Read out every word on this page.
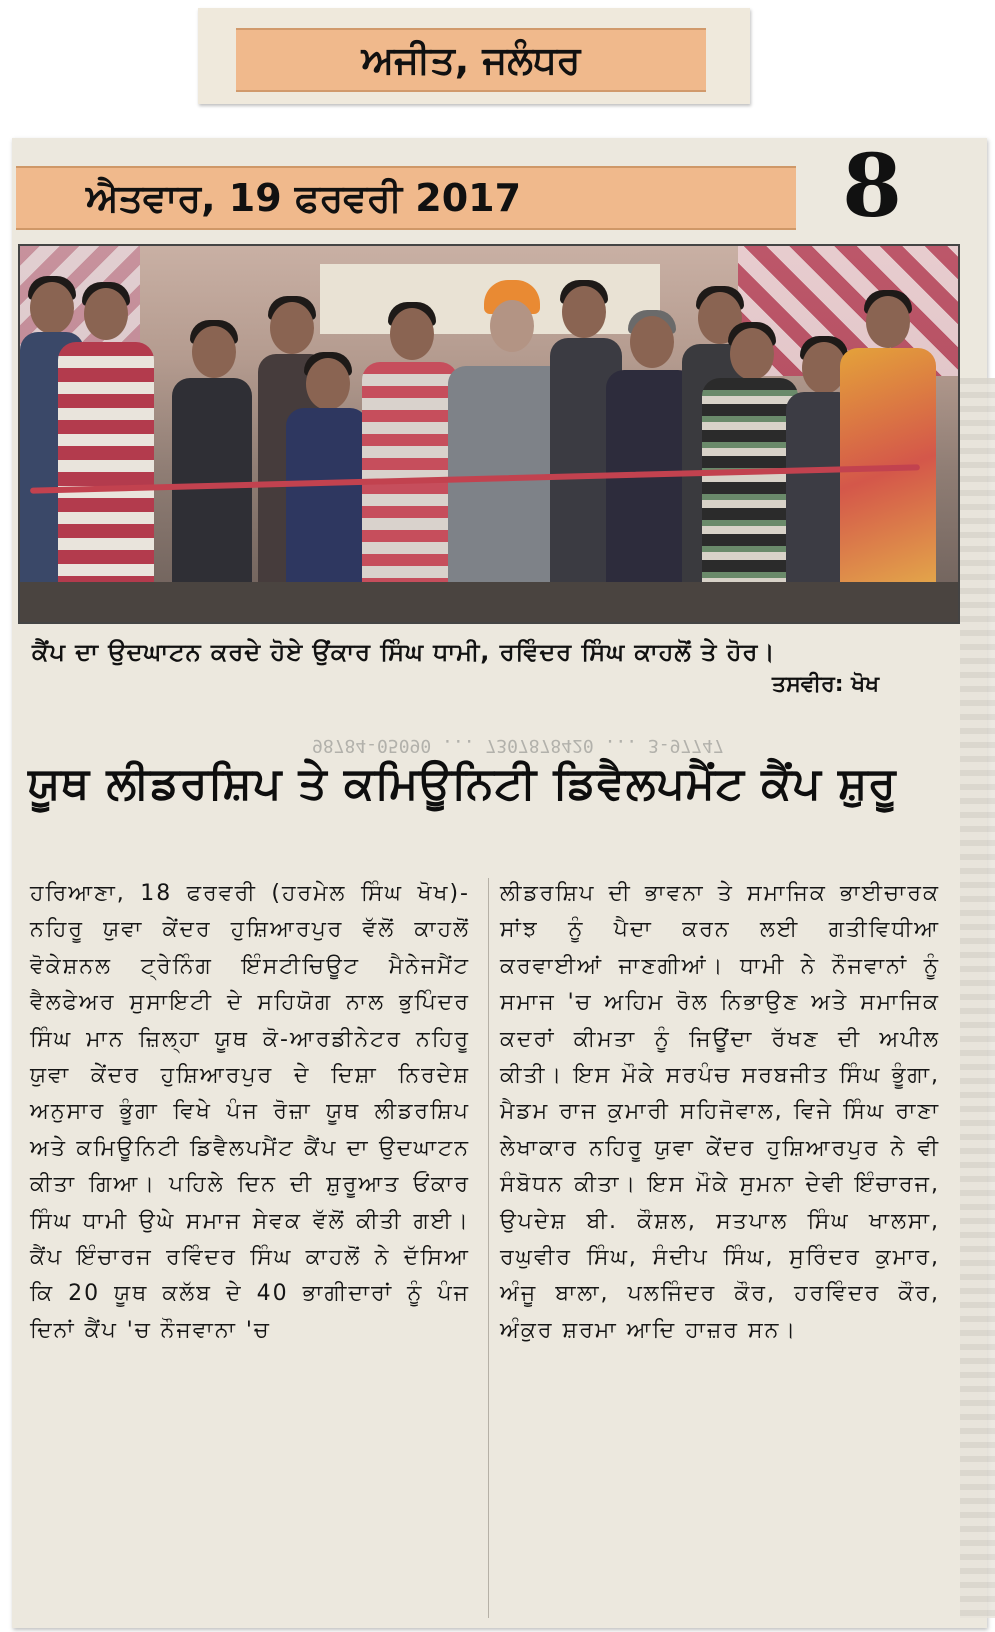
ਅਜੀਤ, ਜਲੰਧਰ
ਐਤਵਾਰ, 19 ਫਰਵਰੀ 2017	8
ਕੈਂਪ ਦਾ ਉਦਘਾਟਨ ਕਰਦੇ ਹੋਏ ਉਂਕਾਰ ਸਿੰਘ ਧਾਮੀ, ਰਵਿੰਦਰ ਸਿੰਘ ਕਾਹਲੋਂ ਤੇ ਹੋਰ।
ਤਸਵੀਰ: ਖੋਖ
98784-05090 ... 7307878420 ... 3-97747
ਯੂਥ ਲੀਡਰਸ਼ਿਪ ਤੇ ਕਮਿਊਨਿਟੀ ਡਿਵੈਲਪਮੈਂਟ ਕੈਂਪ ਸ਼ੁਰੂ
ਹਰਿਆਣਾ, 18 ਫਰਵਰੀ (ਹਰਮੇਲ ਸਿੰਘ ਖੋਖ)- ਨਹਿਰੂ ਯੁਵਾ ਕੇਂਦਰ ਹੁਸ਼ਿਆਰਪੁਰ ਵੱਲੋਂ ਕਾਹਲੋਂ ਵੋਕੇਸ਼ਨਲ ਟ੍ਰੇਨਿੰਗ ਇੰਸਟੀਚਿਊਟ ਮੈਨੇਜਮੈਂਟ ਵੈਲਫੇਅਰ ਸੁਸਾਇਟੀ ਦੇ ਸਹਿਯੋਗ ਨਾਲ ਭੁਪਿੰਦਰ ਸਿੰਘ ਮਾਨ ਜ਼ਿਲ੍ਹਾ ਯੂਥ ਕੋ-ਆਰਡੀਨੇਟਰ ਨਹਿਰੂ ਯੁਵਾ ਕੇਂਦਰ ਹੁਸ਼ਿਆਰਪੁਰ ਦੇ ਦਿਸ਼ਾ ਨਿਰਦੇਸ਼ ਅਨੁਸਾਰ ਭੂੰਗਾ ਵਿਖੇ ਪੰਜ ਰੋਜ਼ਾ ਯੂਥ ਲੀਡਰਸ਼ਿਪ ਅਤੇ ਕਮਿਊਨਿਟੀ ਡਿਵੈਲਪਮੈਂਟ ਕੈਂਪ ਦਾ ਉਦਘਾਟਨ ਕੀਤਾ ਗਿਆ। ਪਹਿਲੇ ਦਿਨ ਦੀ ਸ਼ੁਰੂਆਤ ਓਂਕਾਰ ਸਿੰਘ ਧਾਮੀ ਉਘੇ ਸਮਾਜ ਸੇਵਕ ਵੱਲੋਂ ਕੀਤੀ ਗਈ। ਕੈਂਪ ਇੰਚਾਰਜ ਰਵਿੰਦਰ ਸਿੰਘ ਕਾਹਲੋਂ ਨੇ ਦੱਸਿਆ ਕਿ 20 ਯੂਥ ਕਲੱਬ ਦੇ 40 ਭਾਗੀਦਾਰਾਂ ਨੂੰ ਪੰਜ ਦਿਨਾਂ ਕੈਂਪ 'ਚ ਨੌਜਵਾਨਾ 'ਚ
ਲੀਡਰਸ਼ਿਪ ਦੀ ਭਾਵਨਾ ਤੇ ਸਮਾਜਿਕ ਭਾਈਚਾਰਕ ਸਾਂਝ ਨੂੰ ਪੈਦਾ ਕਰਨ ਲਈ ਗਤੀਵਿਧੀਆ ਕਰਵਾਈਆਂ ਜਾਣਗੀਆਂ। ਧਾਮੀ ਨੇ ਨੌਜਵਾਨਾਂ ਨੂੰ ਸਮਾਜ 'ਚ ਅਹਿਮ ਰੋਲ ਨਿਭਾਉਣ ਅਤੇ ਸਮਾਜਿਕ ਕਦਰਾਂ ਕੀਮਤਾ ਨੂੰ ਜਿਊਂਦਾ ਰੱਖਣ ਦੀ ਅਪੀਲ ਕੀਤੀ। ਇਸ ਮੌਕੇ ਸਰਪੰਚ ਸਰਬਜੀਤ ਸਿੰਘ ਭੂੰਗਾ, ਮੈਡਮ ਰਾਜ ਕੁਮਾਰੀ ਸਹਿਜੋਵਾਲ, ਵਿਜੇ ਸਿੰਘ ਰਾਣਾ ਲੇਖਾਕਾਰ ਨਹਿਰੂ ਯੁਵਾ ਕੇਂਦਰ ਹੁਸ਼ਿਆਰਪੁਰ ਨੇ ਵੀ ਸੰਬੋਧਨ ਕੀਤਾ। ਇਸ ਮੌਕੇ ਸੁਮਨਾ ਦੇਵੀ ਇੰਚਾਰਜ, ਉਪਦੇਸ਼ ਬੀ. ਕੌਸ਼ਲ, ਸਤਪਾਲ ਸਿੰਘ ਖਾਲਸਾ, ਰਘੁਵੀਰ ਸਿੰਘ, ਸੰਦੀਪ ਸਿੰਘ, ਸੁਰਿੰਦਰ ਕੁਮਾਰ, ਅੰਜੂ ਬਾਲਾ, ਪਲਜਿੰਦਰ ਕੌਰ, ਹਰਵਿੰਦਰ ਕੌਰ, ਅੰਕੁਰ ਸ਼ਰਮਾ ਆਦਿ ਹਾਜ਼ਰ ਸਨ।
